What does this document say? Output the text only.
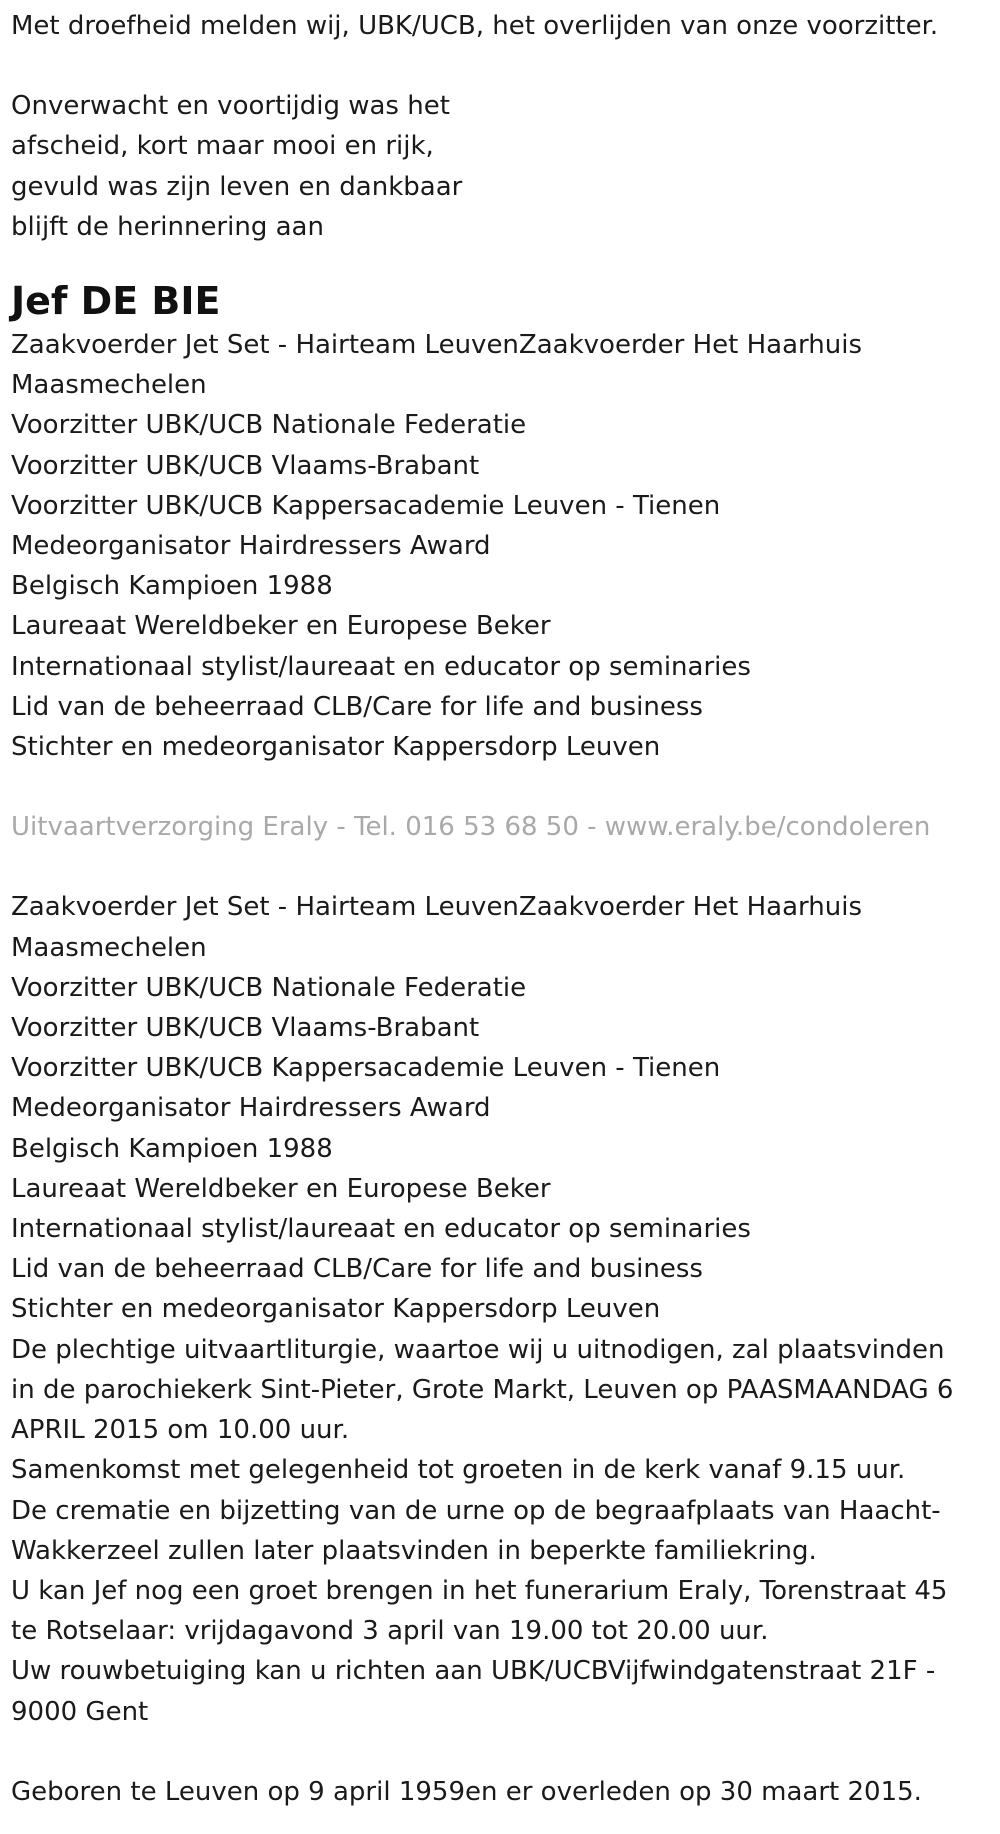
Met droefheid melden wij, UBK/UCB, het overlijden van onze voorzitter.

Onverwacht en voortijdig was het
afscheid, kort maar mooi en rijk,
gevuld was zijn leven en dankbaar
blijft de herinnering aan
Jef DE BIE
Zaakvoerder Jet Set - Hairteam LeuvenZaakvoerder Het Haarhuis
Maasmechelen
Voorzitter UBK/UCB Nationale Federatie
Voorzitter UBK/UCB Vlaams-Brabant
Voorzitter UBK/UCB Kappersacademie Leuven - Tienen
Medeorganisator Hairdressers Award
Belgisch Kampioen 1988
Laureaat Wereldbeker en Europese Beker
Internationaal stylist/laureaat en educator op seminaries
Lid van de beheerraad CLB/Care for life and business
Stichter en medeorganisator Kappersdorp Leuven

Uitvaartverzorging Eraly - Tel. 016 53 68 50 - www.eraly.be/condoleren

Zaakvoerder Jet Set - Hairteam LeuvenZaakvoerder Het Haarhuis
Maasmechelen
Voorzitter UBK/UCB Nationale Federatie
Voorzitter UBK/UCB Vlaams-Brabant
Voorzitter UBK/UCB Kappersacademie Leuven - Tienen
Medeorganisator Hairdressers Award
Belgisch Kampioen 1988
Laureaat Wereldbeker en Europese Beker
Internationaal stylist/laureaat en educator op seminaries
Lid van de beheerraad CLB/Care for life and business
Stichter en medeorganisator Kappersdorp Leuven
De plechtige uitvaartliturgie, waartoe wij u uitnodigen, zal plaatsvinden
in de parochiekerk Sint-Pieter, Grote Markt, Leuven op PAASMAANDAG 6
APRIL 2015 om 10.00 uur.
Samenkomst met gelegenheid tot groeten in de kerk vanaf 9.15 uur.
De crematie en bijzetting van de urne op de begraafplaats van Haacht-
Wakkerzeel zullen later plaatsvinden in beperkte familiekring.
U kan Jef nog een groet brengen in het funerarium Eraly, Torenstraat 45
te Rotselaar: vrijdagavond 3 april van 19.00 tot 20.00 uur.
Uw rouwbetuiging kan u richten aan UBK/UCBVijfwindgatenstraat 21F -
9000 Gent

Geboren te Leuven op 9 april 1959en er overleden op 30 maart 2015.
